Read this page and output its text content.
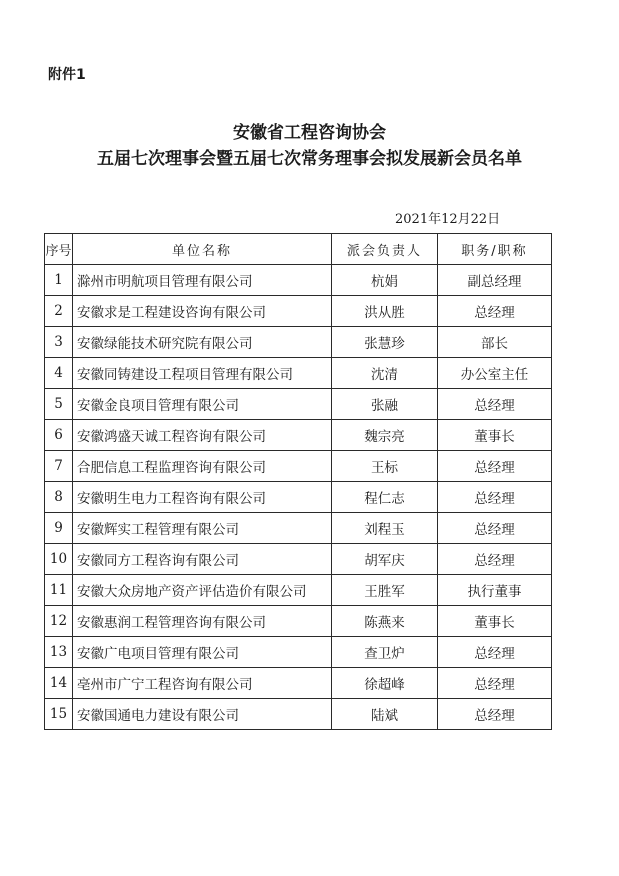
附件1
安徽省工程咨询协会
五届七次理事会暨五届七次常务理事会拟发展新会员名单
2021年12月22日
序号	单位名称	派会负责人	职务/职称
1	滁州市明航项目管理有限公司	杭娟	副总经理
2	安徽求是工程建设咨询有限公司	洪从胜	总经理
3	安徽绿能技术研究院有限公司	张慧珍	部长
4	安徽同铸建设工程项目管理有限公司	沈清	办公室主任
5	安徽金良项目管理有限公司	张融	总经理
6	安徽鸿盛天诚工程咨询有限公司	魏宗亮	董事长
7	合肥信息工程监理咨询有限公司	王标	总经理
8	安徽明生电力工程咨询有限公司	程仁志	总经理
9	安徽辉实工程管理有限公司	刘程玉	总经理
10	安徽同方工程咨询有限公司	胡军庆	总经理
11	安徽大众房地产资产评估造价有限公司	王胜军	执行董事
12	安徽惠润工程管理咨询有限公司	陈燕来	董事长
13	安徽广电项目管理有限公司	查卫炉	总经理
14	亳州市广宁工程咨询有限公司	徐超峰	总经理
15	安徽国通电力建设有限公司	陆斌	总经理
